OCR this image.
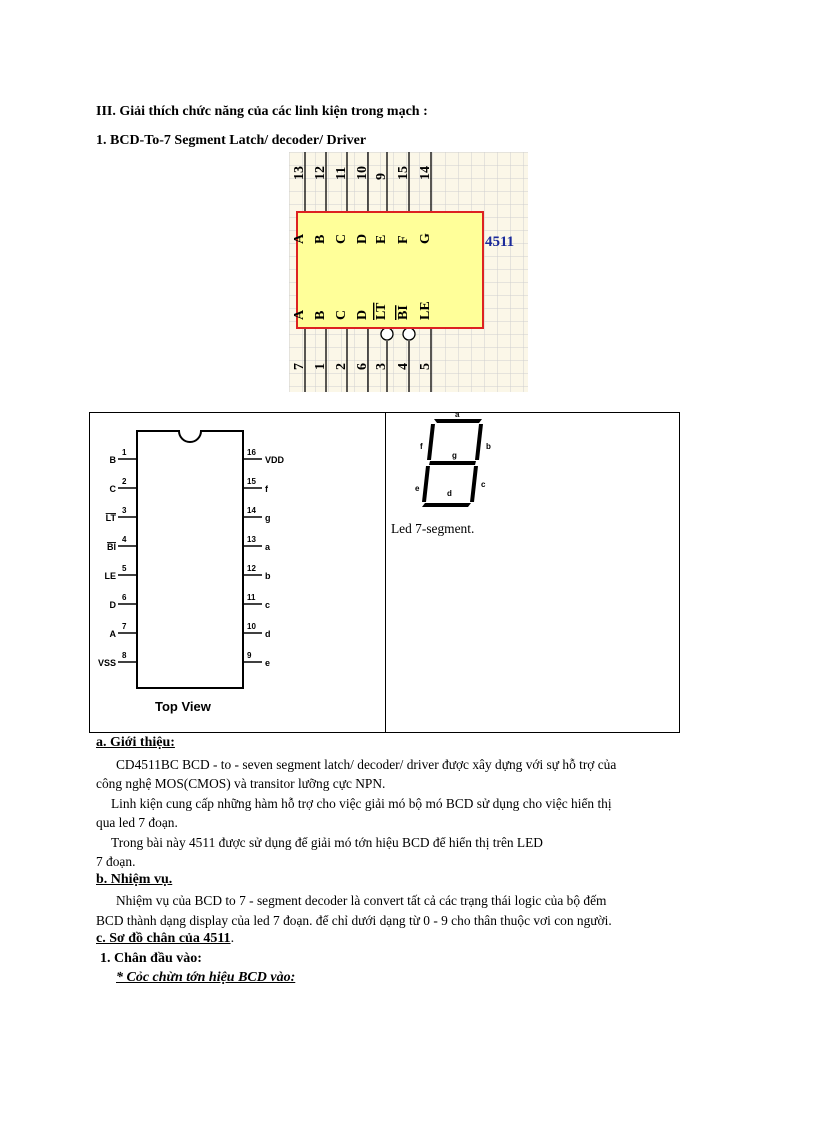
III. Giải thích chức năng của các linh kiện trong mạch :
1. BCD-To-7 Segment Latch/ decoder/ Driver
13 12 11 10 9 15 14
A B C D E F G
A B C D LT BI LE
7 1 2 6 3 4 5
4511
1
B
2
C
3
LT
4
BI
5
LE
6
D
7
A
8
VSS
16
VDD
15
f
14
g
13
a
12
b
11
c
10
d
9
e
Top View
a
f	b
g
e	c
d
Led 7-segment.
a. Giới thiệu:
CD4511BC BCD - to - seven segment latch/ decoder/ driver được xây dựng với sự hỗ trợ của
công nghệ MOS(CMOS) và transitor lưỡng cực NPN.
Linh kiện cung cấp những hàm hỗ trợ cho việc giải mó bộ mó BCD sử dụng cho việc hiển thị
qua led 7 đoạn.
Trong bài này 4511 được sử dụng để giải mó tớn hiệu BCD để hiển thị trên LED
7 đoạn.
b. Nhiệm vụ.
Nhiệm vụ của BCD to 7 - segment decoder là convert tất cả các trạng thái logic của bộ đếm
BCD thành dạng display của led 7 đoạn. để chỉ dưới dạng từ 0 - 9 cho thân thuộc vơi con người.
c. Sơ đồ chân của 4511.
1. Chân đầu vào:
* Cỏc chừn tớn hiệu BCD vào:
